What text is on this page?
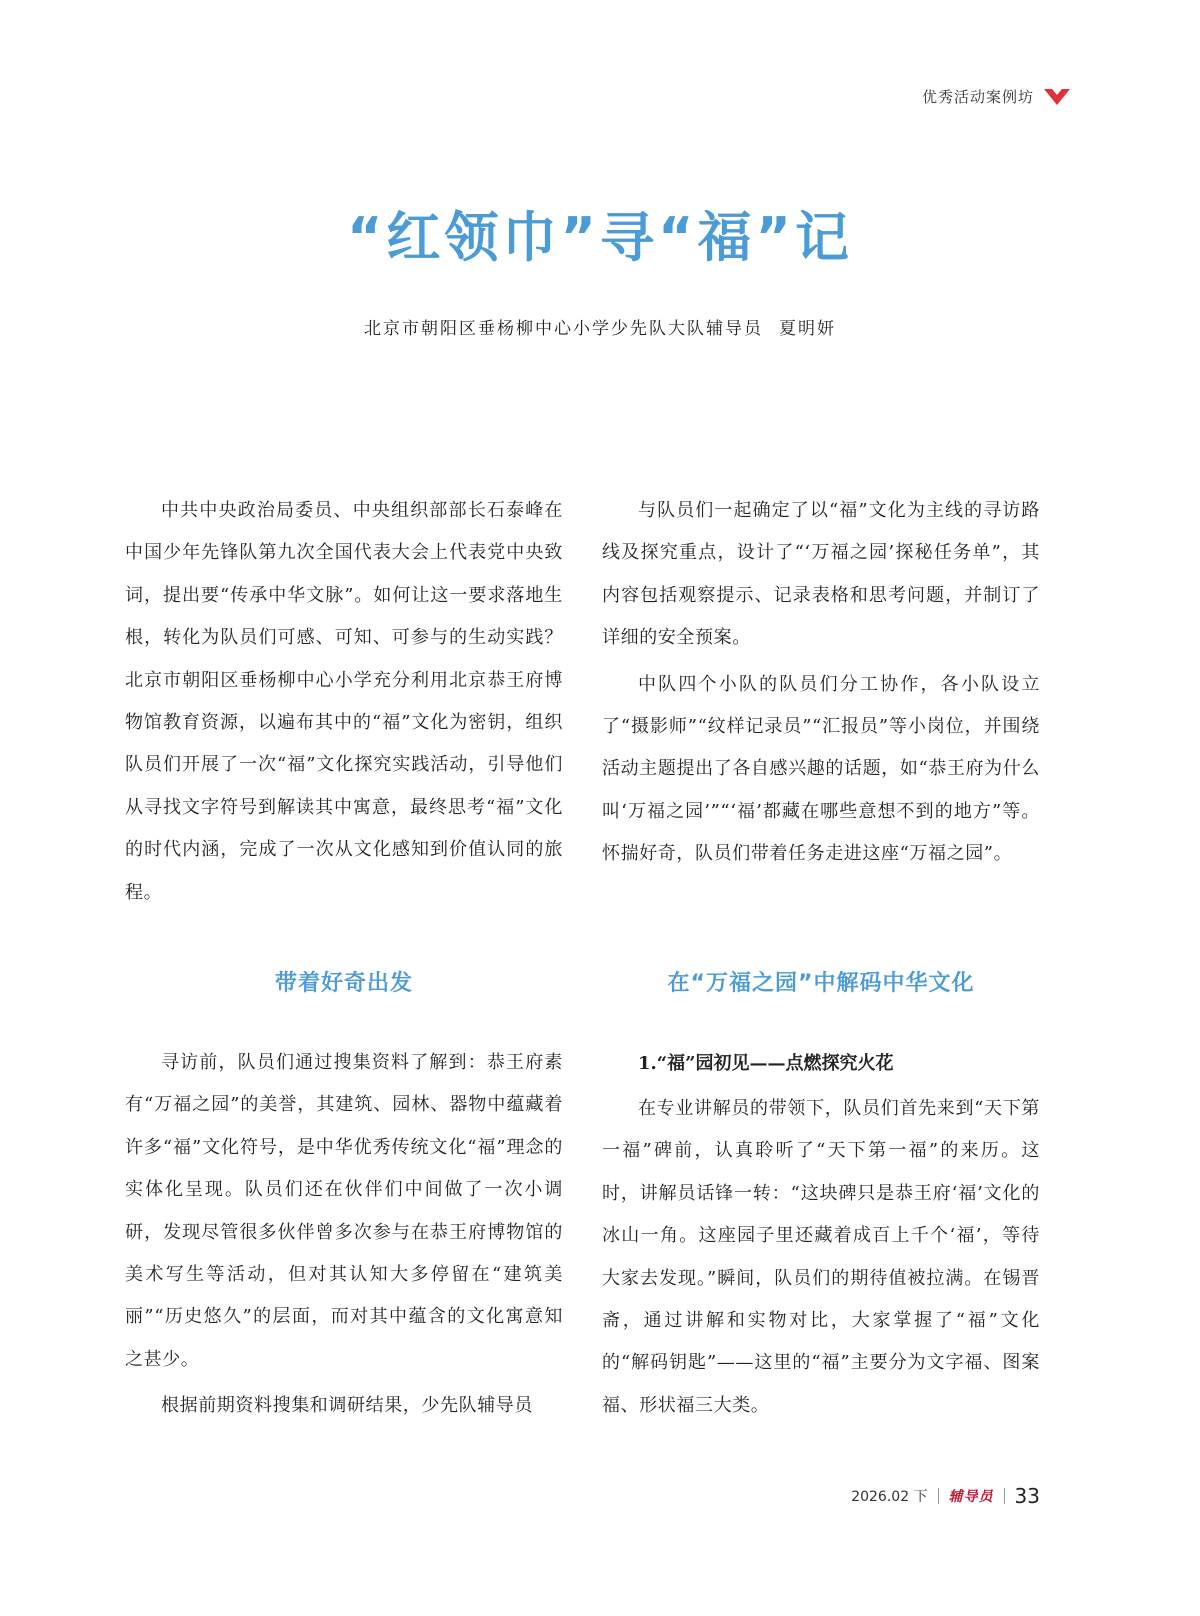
优秀活动案例坊
“红领巾”寻“福”记
北京市朝阳区垂杨柳中心小学少先队大队辅导员 夏明妍

中共中央政治局委员、中央组织部部长石泰峰在中国少年先锋队第九次全国代表大会上代表党中央致词，提出要“传承中华文脉”。如何让这一要求落地生根，转化为队员们可感、可知、可参与的生动实践？北京市朝阳区垂杨柳中心小学充分利用北京恭王府博物馆教育资源，以遍布其中的“福”文化为密钥，组织队员们开展了一次“福”文化探究实践活动，引导他们从寻找文字符号到解读其中寓意，最终思考“福”文化的时代内涵，完成了一次从文化感知到价值认同的旅程。

与队员们一起确定了以“福”文化为主线的寻访路线及探究重点，设计了“‘万福之园’探秘任务单”，其内容包括观察提示、记录表格和思考问题，并制订了详细的安全预案。

中队四个小队的队员们分工协作，各小队设立了“摄影师”“纹样记录员”“汇报员”等小岗位，并围绕活动主题提出了各自感兴趣的话题，如“恭王府为什么叫‘万福之园’”“‘福’都藏在哪些意想不到的地方”等。怀揣好奇，队员们带着任务走进这座“万福之园”。

带着好奇出发	在“万福之园”中解码中华文化

寻访前，队员们通过搜集资料了解到：恭王府素有“万福之园”的美誉，其建筑、园林、器物中蕴藏着许多“福”文化符号，是中华优秀传统文化“福”理念的实体化呈现。队员们还在伙伴们中间做了一次小调研，发现尽管很多伙伴曾多次参与在恭王府博物馆的美术写生等活动，但对其认知大多停留在“建筑美丽”“历史悠久”的层面，而对其中蕴含的文化寓意知之甚少。

根据前期资料搜集和调研结果，少先队辅导员

1.“福”园初见——点燃探究火花

在专业讲解员的带领下，队员们首先来到“天下第一福”碑前，认真聆听了“天下第一福”的来历。这时，讲解员话锋一转：“这块碑只是恭王府‘福’文化的冰山一角。这座园子里还藏着成百上千个‘福’，等待大家去发现。”瞬间，队员们的期待值被拉满。在锡晋斋，通过讲解和实物对比，大家掌握了“福”文化的“解码钥匙”——这里的“福”主要分为文字福、图案福、形状福三大类。

2026.02 下 辅导员 33
